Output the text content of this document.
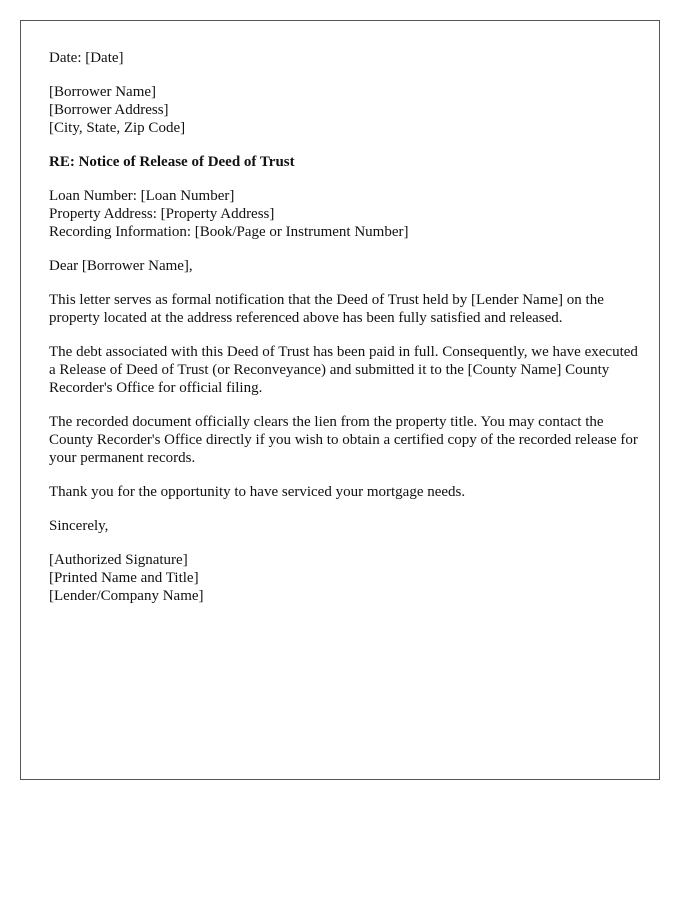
Date: [Date]
[Borrower Name]
[Borrower Address]
[City, State, Zip Code]
RE: Notice of Release of Deed of Trust
Loan Number: [Loan Number]
Property Address: [Property Address]
Recording Information: [Book/Page or Instrument Number]
Dear [Borrower Name],
This letter serves as formal notification that the Deed of Trust held by [Lender Name] on the property located at the address referenced above has been fully satisfied and released.
The debt associated with this Deed of Trust has been paid in full. Consequently, we have executed a Release of Deed of Trust (or Reconveyance) and submitted it to the [County Name] County Recorder's Office for official filing.
The recorded document officially clears the lien from the property title. You may contact the County Recorder's Office directly if you wish to obtain a certified copy of the recorded release for your permanent records.
Thank you for the opportunity to have serviced your mortgage needs.
Sincerely,
[Authorized Signature]
[Printed Name and Title]
[Lender/Company Name]
